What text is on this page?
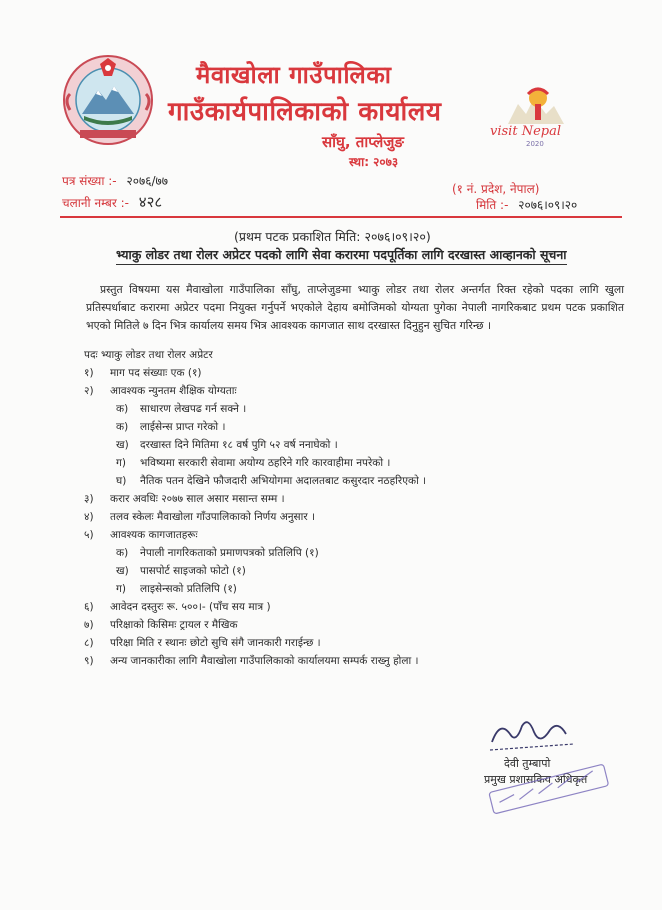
मैवाखोला गाउँपालिका
गाउँकार्यपालिकाको कार्यालय
साँघु, ताप्लेजुङ
स्था: २०७३
visit Nepal
2020
पत्र संख्या :- २०७६/७७
चलानी नम्बर :- ४२८
(१ नं. प्रदेश, नेपाल)
मिति :- २०७६।०९।२०
(प्रथम पटक प्रकाशित मिति: २०७६।०९।२०)
भ्याकु लोडर तथा रोलर अप्रेटर पदको लागि सेवा करारमा पदपूर्तिका लागि दरखास्त आव्हानको सूचना
प्रस्तुत विषयमा यस मैवाखोला गाउँपालिका साँघु, ताप्लेजुङमा भ्याकु लोडर तथा रोलर अन्तर्गत रिक्त रहेको पदका लागि खुला प्रतिस्पर्धाबाट करारमा अप्रेटर पदमा नियुक्त गर्नुपर्ने भएकोले देहाय बमोजिमको योग्यता पुगेका नेपाली नागरिकबाट प्रथम पटक प्रकाशित भएको मितिले ७ दिन भित्र कार्यालय समय भित्र आवश्यक कागजात साथ दरखास्त दिनुहुन सुचित गरिन्छ ।
पदः भ्याकु लोडर तथा रोलर अप्रेटर
१) माग पद संख्याः एक (१)
२) आवश्यक न्युनतम शैक्षिक योग्यताः
क) साधारण लेखपढ गर्न सक्ने ।
क) लाईसेन्स प्राप्त गरेको ।
ख) दरखास्त दिने मितिमा १८ वर्ष पुगि ५२ वर्ष ननाघेको ।
ग) भविष्यमा सरकारी सेवामा अयोग्य ठहरिने गरि कारवाहीमा नपरेको ।
घ) नैतिक पतन देखिने फौजदारी अभियोगमा अदालतबाट कसुरदार नठहरिएको ।
३) करार अवधिः २०७७ साल असार मसान्त सम्म ।
४) तलव स्केलः मैवाखोला गाँउपालिकाको निर्णय अनुसार ।
५) आवश्यक कागजातहरूः
क) नेपाली नागरिकताको प्रमाणपत्रको प्रतिलिपि (१)
ख) पासपोर्ट साइजको फोटो (१)
ग) लाइसेन्सको प्रतिलिपि (१)
६) आवेदन दस्तुरः रू. ५००।- (पाँच सय मात्र )
७) परिक्षाको किसिमः ट्रायल र मैखिक
८) परिक्षा मिति र स्थानः छोटो सुचि संगै जानकारी गराईन्छ ।
९) अन्य जानकारीका लागि मैवाखोला गाउँपालिकाको कार्यालयमा सम्पर्क राख्नु होला ।
देवी तुम्बापो
प्रमुख प्रशासकिय अधिकृत
